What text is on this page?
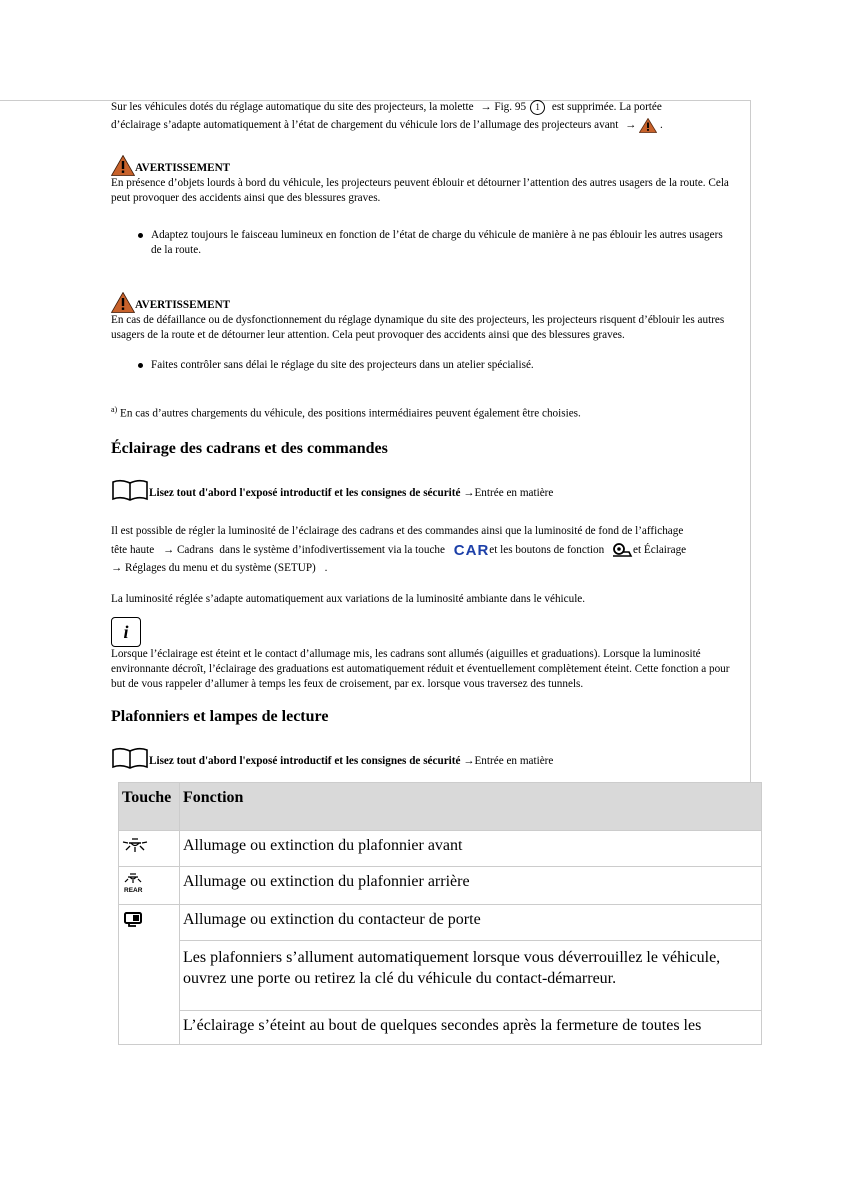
Sur les véhicules dotés du réglage automatique du site des projecteurs, la molette → Fig. 95 1 est supprimée. La portée
d’éclairage s’adapte automatiquement à l’état de chargement du véhicule lors de l’allumage des projecteurs avant → .
AVERTISSEMENT
En présence d’objets lourds à bord du véhicule, les projecteurs peuvent éblouir et détourner l’attention des autres usagers de la route. Cela peut provoquer des accidents ainsi que des blessures graves.
Adaptez toujours le faisceau lumineux en fonction de l’état de charge du véhicule de manière à ne pas éblouir les autres usagers de la route.
AVERTISSEMENT
En cas de défaillance ou de dysfonctionnement du réglage dynamique du site des projecteurs, les projecteurs risquent d’éblouir les autres usagers de la route et de détourner leur attention. Cela peut provoquer des accidents ainsi que des blessures graves.
Faites contrôler sans délai le réglage du site des projecteurs dans un atelier spécialisé.
$^{a)}$ En cas d’autres chargements du véhicule, des positions intermédiaires peuvent également être choisies.
Éclairage des cadrans et des commandes
Lisez tout d'abord l'exposé introductif et les consignes de sécurité →Entrée en matière
Il est possible de régler la luminosité de l’éclairage des cadrans et des commandes ainsi que la luminosité de fond de l’affichage
tête haute → Cadrans dans le système d’infodivertissement via la touche CARet les boutons de fonction	et Éclairage
→ Réglages du menu et du système (SETUP) .
La luminosité réglée s’adapte automatiquement aux variations de la luminosité ambiante dans le véhicule.
i
Lorsque l’éclairage est éteint et le contact d’allumage mis, les cadrans sont allumés (aiguilles et graduations). Lorsque la luminosité environnante décroît, l’éclairage des graduations est automatiquement réduit et éventuellement complètement éteint. Cette fonction a pour but de vous rappeler d’allumer à temps les feux de croisement, par ex. lorsque vous traversez des tunnels.
Plafonniers et lampes de lecture
Lisez tout d'abord l'exposé introductif et les consignes de sécurité →Entrée en matière
Touche	Fonction
	Allumage ou extinction du plafonnier avant

REAR	Allumage ou extinction du plafonnier arrière
	Allumage ou extinction du contacteur de porte
	Les plafonniers s’allument automatiquement lorsque vous déverrouillez le véhicule, ouvrez une porte ou retirez la clé du véhicule du contact-démarreur.
	L’éclairage s’éteint au bout de quelques secondes après la fermeture de toutes les
